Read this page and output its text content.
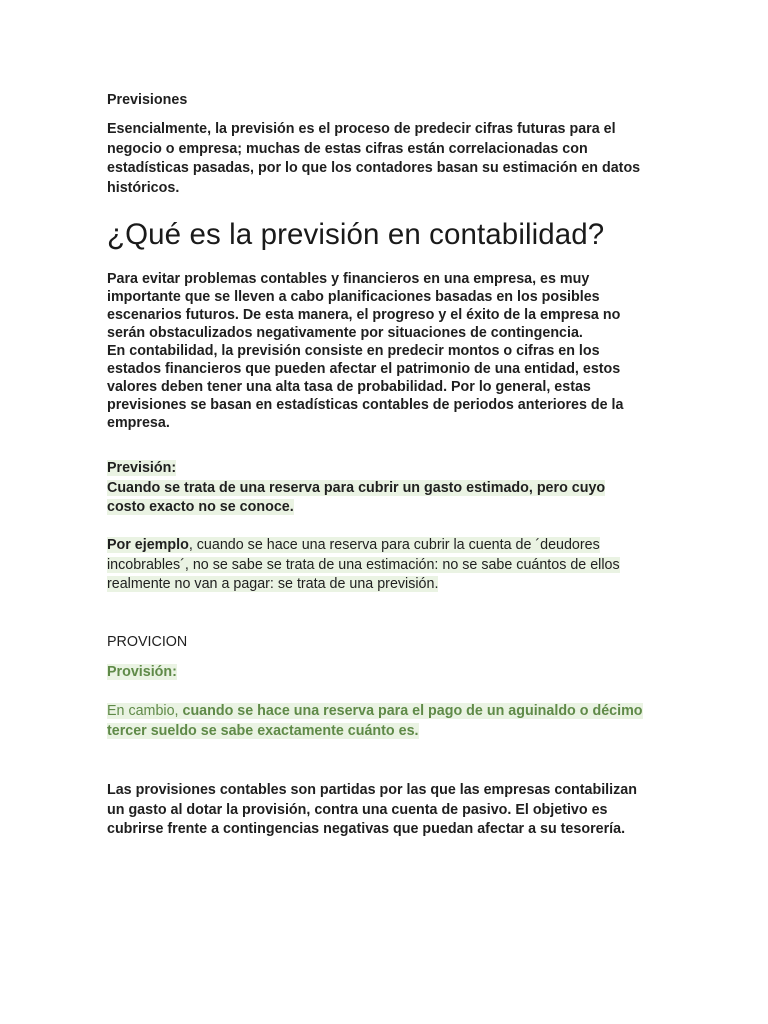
Previsiones

Esencialmente, la previsión es el proceso de predecir cifras futuras para el negocio o empresa; muchas de estas cifras están correlacionadas con estadísticas pasadas, por lo que los contadores basan su estimación en datos históricos.

¿Qué es la previsión en contabilidad?

Para evitar problemas contables y financieros en una empresa, es muy importante que se lleven a cabo planificaciones basadas en los posibles escenarios futuros. De esta manera, el progreso y el éxito de la empresa no serán obstaculizados negativamente por situaciones de contingencia.

En contabilidad, la previsión consiste en predecir montos o cifras en los estados financieros que pueden afectar el patrimonio de una entidad, estos valores deben tener una alta tasa de probabilidad. Por lo general, estas previsiones se basan en estadísticas contables de periodos anteriores de la empresa.

Previsión:

Cuando se trata de una reserva para cubrir un gasto estimado, pero cuyo costo exacto no se conoce.

Por ejemplo, cuando se hace una reserva para cubrir la cuenta de ´deudores incobrables´, no se sabe se trata de una estimación: no se sabe cuántos de ellos realmente no van a pagar: se trata de una previsión.

PROVICION

Provisión:

En cambio, cuando se hace una reserva para el pago de un aguinaldo o décimo tercer sueldo se sabe exactamente cuánto es.

Las provisiones contables son partidas por las que las empresas contabilizan un gasto al dotar la provisión, contra una cuenta de pasivo. El objetivo es cubrirse frente a contingencias negativas que puedan afectar a su tesorería.
